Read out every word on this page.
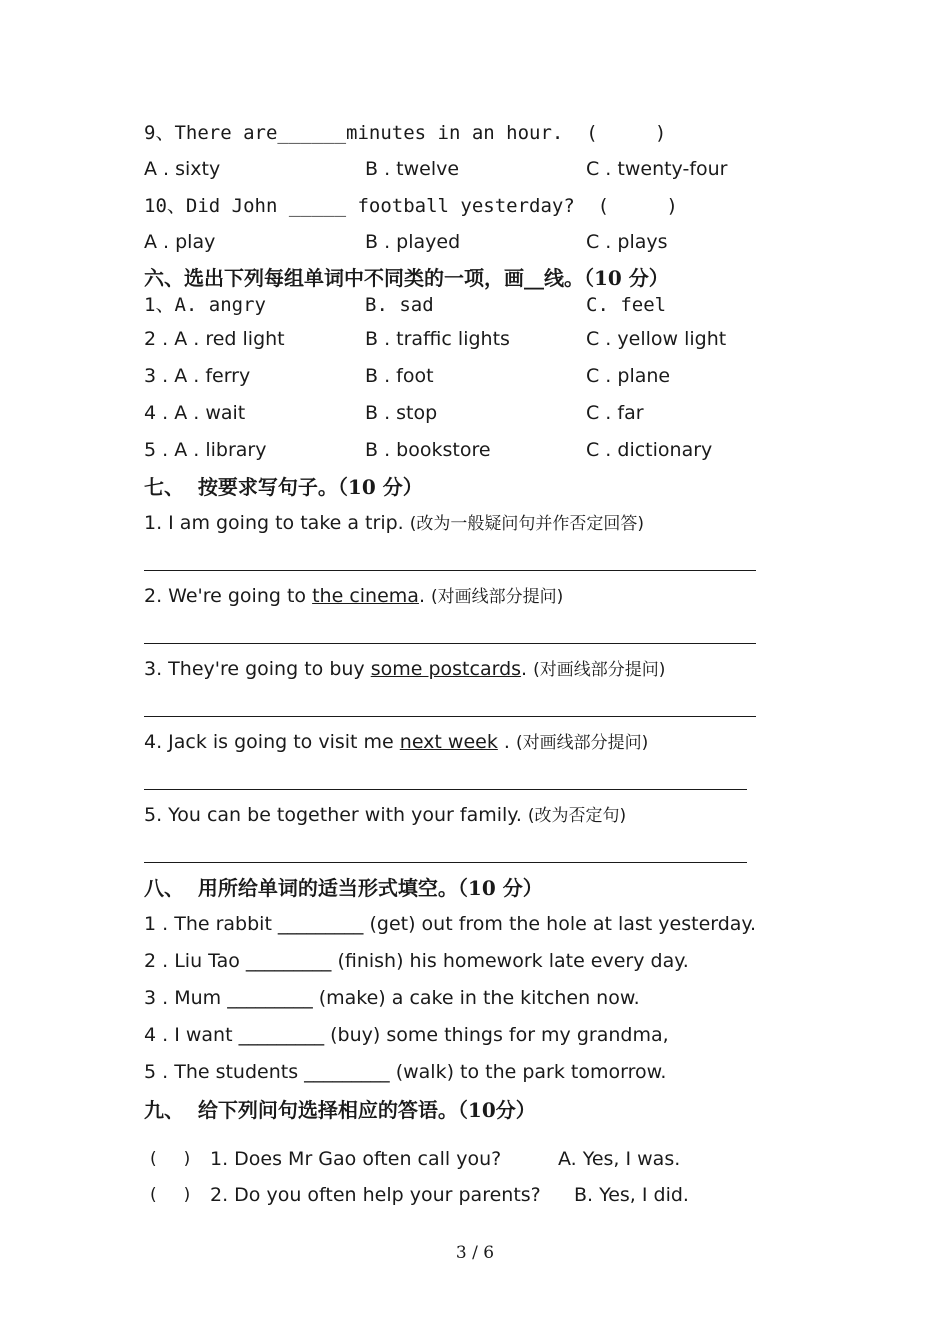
9、There are______minutes in an hour.  (     )
A . sixty	B . twelve	C . twenty-four
10、Did John _____ football yesterday?  (     )
A . play	B . played	C . plays
六、选出下列每组单词中不同类的一项，画__线。（10 分）
1、A. angry	B. sad	C. feel
2 . A . red light	B . traffic lights	C . yellow light
3 . A . ferry	B . foot	C . plane
4 . A . wait	B . stop	C . far
5 . A . library	B . bookstore	C . dictionary
七、  按要求写句子。（10 分）
1. I am going to take a trip. (改为一般疑问句并作否定回答)
2. We're going to the cinema. (对画线部分提问)
3. They're going to buy some postcards. (对画线部分提问)
4. Jack is going to visit me next week . (对画线部分提问)
5. You can be together with your family. (改为否定句)
八、  用所给单词的适当形式填空。（10 分）
1 . The rabbit _________ (get) out from the hole at last yesterday.
2 . Liu Tao _________ (finish) his homework late every day.
3 . Mum _________ (make) a cake in the kitchen now.
4 . I want _________ (buy) some things for my grandma,
5 . The students _________ (walk) to the park tomorrow.
九、  给下列问句选择相应的答语。（10分）
(     ) 1. Does Mr Gao often call you?	A. Yes, I was.
(     ) 2. Do you often help your parents? B. Yes, I did.
3 / 6
